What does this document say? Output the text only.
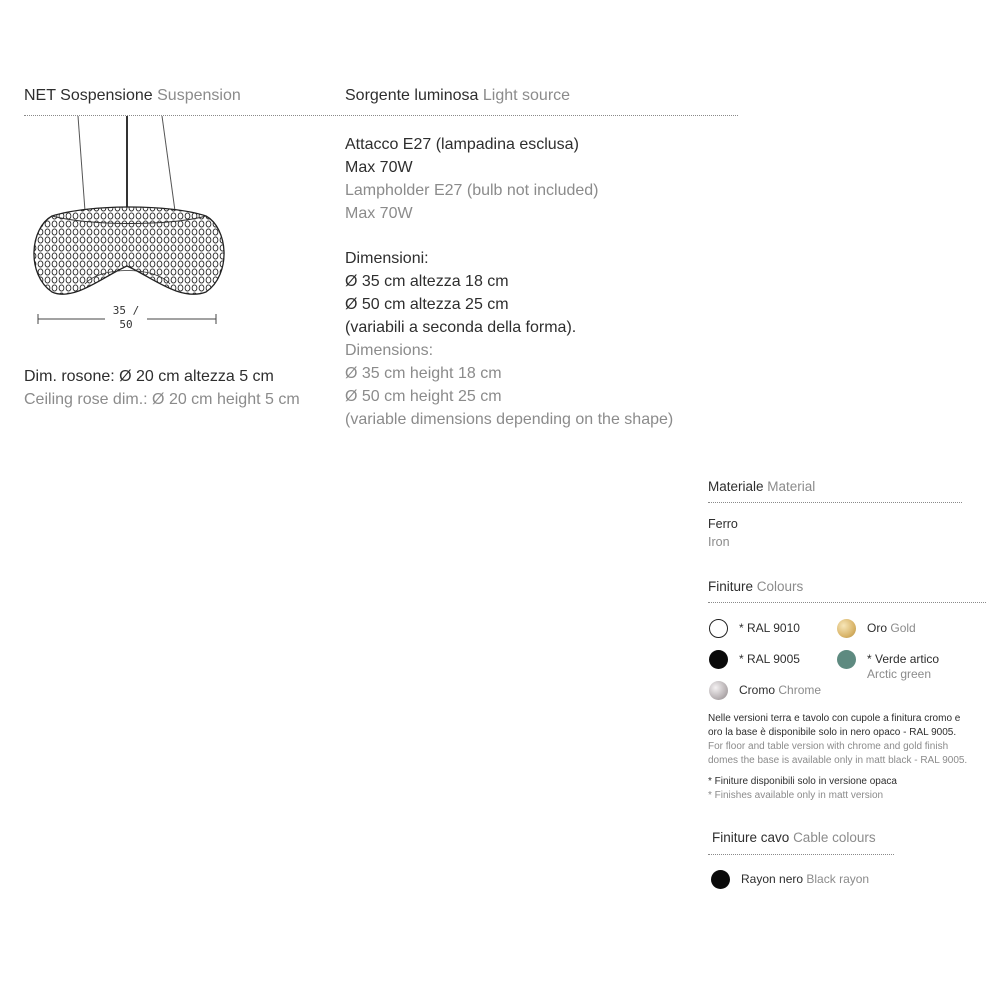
NET Sospensione Suspension
35 /
50
Dim. rosone: Ø 20 cm altezza 5 cm
Ceiling rose dim.: Ø 20 cm height 5 cm
Sorgente luminosa Light source
Attacco E27 (lampadina esclusa)
Max 70W
Lampholder E27 (bulb not included)
Max 70W
Dimensioni:
Ø 35 cm altezza 18 cm
Ø 50 cm altezza 25 cm
(variabili a seconda della forma).
Dimensions:
Ø 35 cm height 18 cm
Ø 50 cm height 25 cm
(variable dimensions depending on the shape)
Materiale Material
Ferro
Iron
Finiture Colours
* RAL 9010	Oro Gold
* RAL 9005	* Verde artico
Arctic green
Cromo Chrome
Nelle versioni terra e tavolo con cupole a finitura cromo e
oro la base è disponibile solo in nero opaco - RAL 9005.
For floor and table version with chrome and gold finish
domes the base is available only in matt black - RAL 9005.
* Finiture disponibili solo in versione opaca
* Finishes available only in matt version
Finiture cavo Cable colours
Rayon nero Black rayon
